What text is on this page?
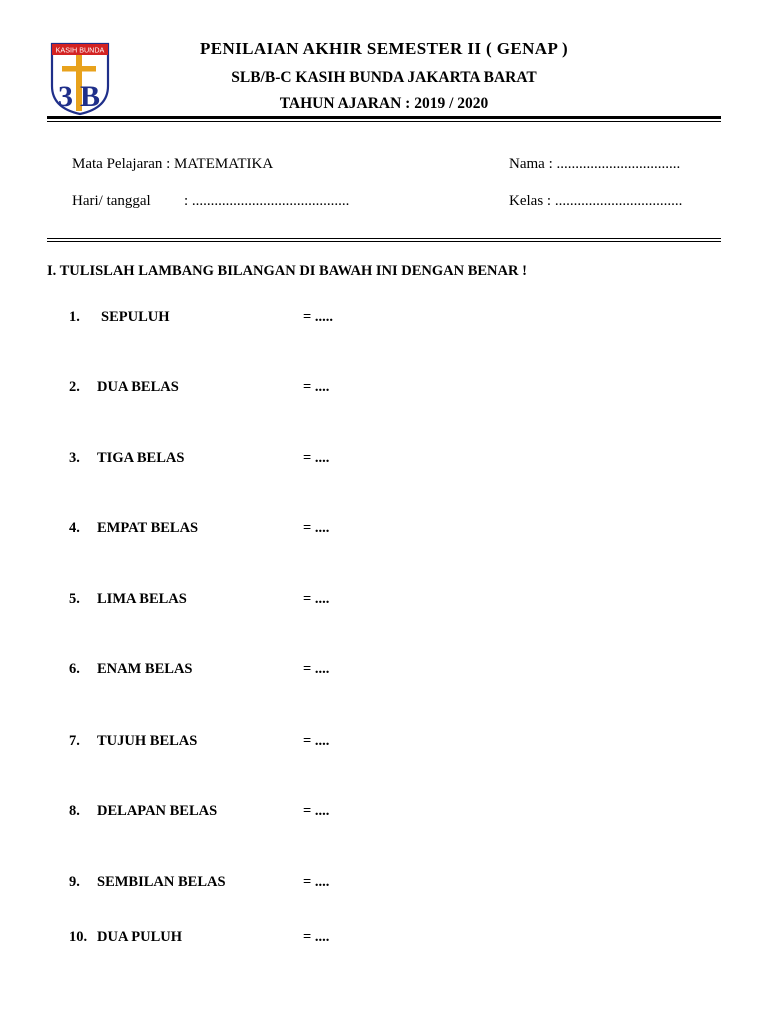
KASIH BUNDA
3 B
PENILAIAN AKHIR SEMESTER II ( GENAP )
SLB/B-C KASIH BUNDA JAKARTA BARAT
TAHUN AJARAN : 2019 / 2020
Mata Pelajaran : MATEMATIKA
Hari/ tanggal : ..........................................
Nama : .................................
Kelas : ..................................
I. TULISLAH LAMBANG BILANGAN DI BAWAH INI DENGAN BENAR !
1. SEPULUH	= .....
2. DUA BELAS	= ....
3. TIGA BELAS	= ....
4. EMPAT BELAS	= ....
5. LIMA BELAS	= ....
6. ENAM BELAS	= ....
7. TUJUH BELAS	= ....
8. DELAPAN BELAS	= ....
9. SEMBILAN BELAS	= ....
10. DUA PULUH	= ....
